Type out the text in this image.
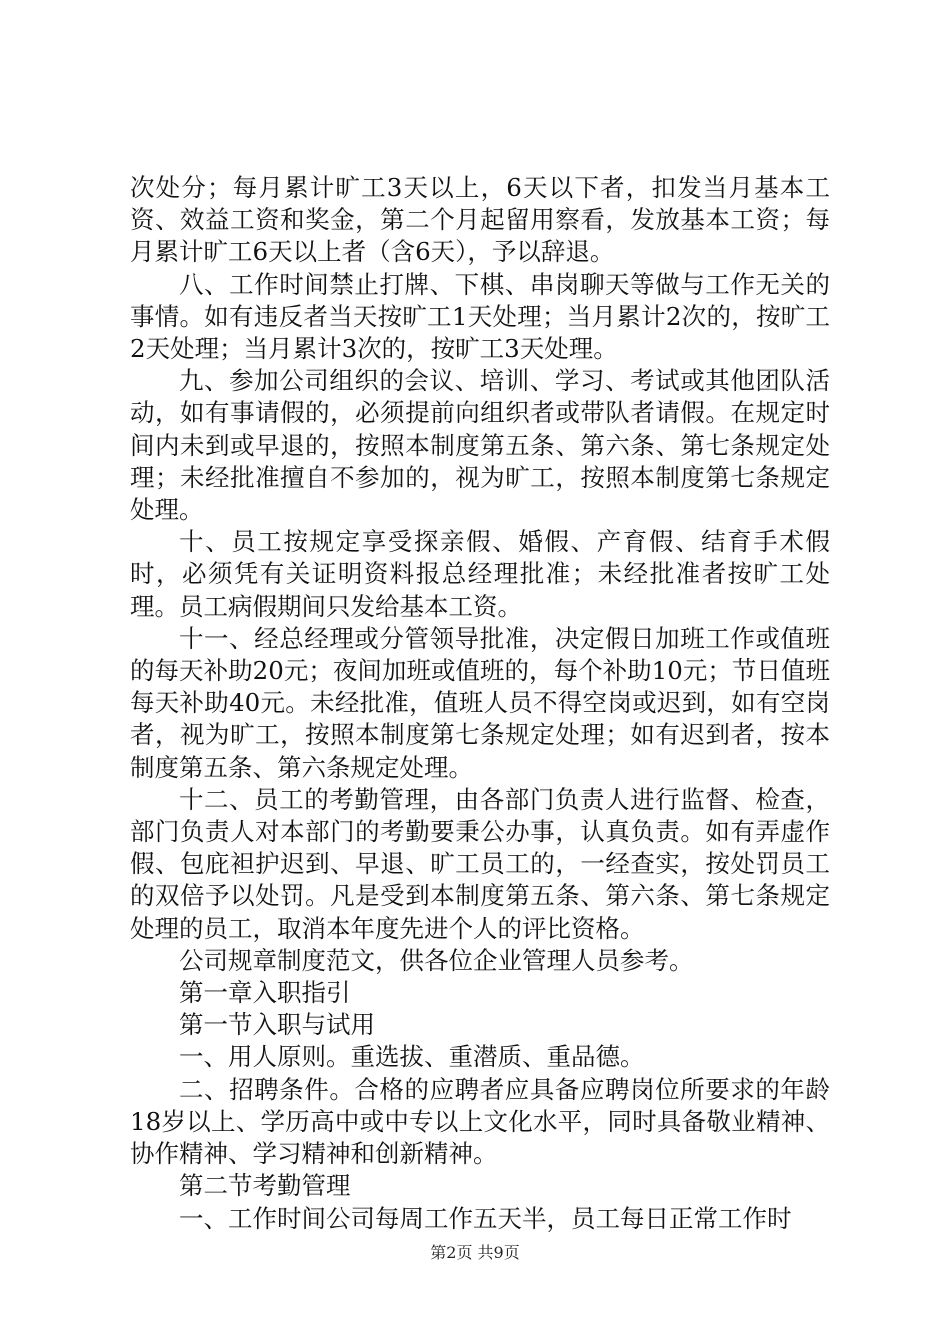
次处分；每月累计旷工3天以上，6天以下者，扣发当月基本工资、效益工资和奖金，第二个月起留用察看，发放基本工资；每月累计旷工6天以上者（含6天），予以辞退。

八、工作时间禁止打牌、下棋、串岗聊天等做与工作无关的事情。如有违反者当天按旷工1天处理；当月累计2次的，按旷工2天处理；当月累计3次的，按旷工3天处理。

九、参加公司组织的会议、培训、学习、考试或其他团队活动，如有事请假的，必须提前向组织者或带队者请假。在规定时间内未到或早退的，按照本制度第五条、第六条、第七条规定处理；未经批准擅自不参加的，视为旷工，按照本制度第七条规定处理。

十、员工按规定享受探亲假、婚假、产育假、结育手术假时，必须凭有关证明资料报总经理批准；未经批准者按旷工处理。员工病假期间只发给基本工资。

十一、经总经理或分管领导批准，决定假日加班工作或值班的每天补助20元；夜间加班或值班的，每个补助10元；节日值班每天补助40元。未经批准，值班人员不得空岗或迟到，如有空岗者，视为旷工，按照本制度第七条规定处理；如有迟到者，按本制度第五条、第六条规定处理。

十二、员工的考勤管理，由各部门负责人进行监督、检查，部门负责人对本部门的考勤要秉公办事，认真负责。如有弄虚作假、包庇袒护迟到、早退、旷工员工的，一经查实，按处罚员工的双倍予以处罚。凡是受到本制度第五条、第六条、第七条规定处理的员工，取消本年度先进个人的评比资格。

公司规章制度范文，供各位企业管理人员参考。

第一章入职指引

第一节入职与试用

一、用人原则。重选拔、重潜质、重品德。

二、招聘条件。合格的应聘者应具备应聘岗位所要求的年龄18岁以上、学历高中或中专以上文化水平，同时具备敬业精神、协作精神、学习精神和创新精神。

第二节考勤管理

一、工作时间公司每周工作五天半，员工每日正常工作时

第2页 共9页
